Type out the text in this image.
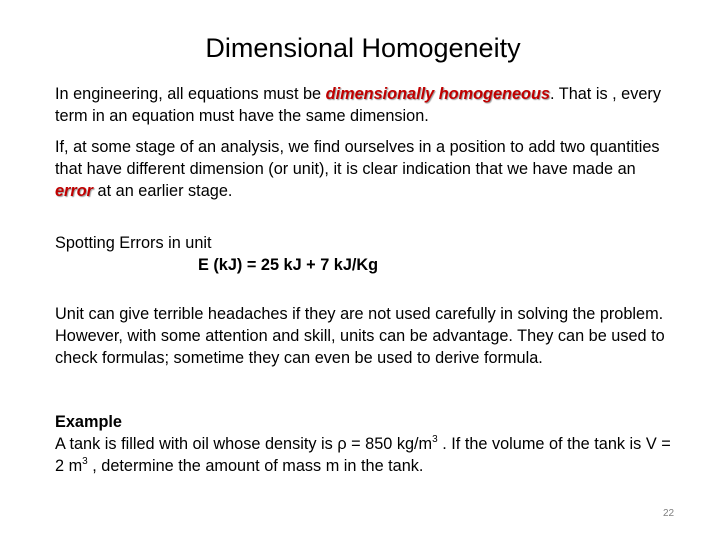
Dimensional Homogeneity

In engineering, all equations must be dimensionally homogeneous. That is , every term in an equation must have the same dimension.

If, at some stage of an analysis, we find ourselves in a position to add two quantities that have different dimension (or unit), it is clear indication that we have made an error at an earlier stage.

Spotting Errors in unit
E (kJ) = 25 kJ + 7 kJ/Kg

Unit can give terrible headaches if they are not used carefully in solving the problem. However, with some attention and skill, units can be advantage. They can be used to check formulas; sometime they can even be used to derive formula.

Example
A tank is filled with oil whose density is ρ = 850 $kg/m^3$ . If the volume of the tank is V = 2 $m^3$ , determine the amount of mass m in the tank.
22
